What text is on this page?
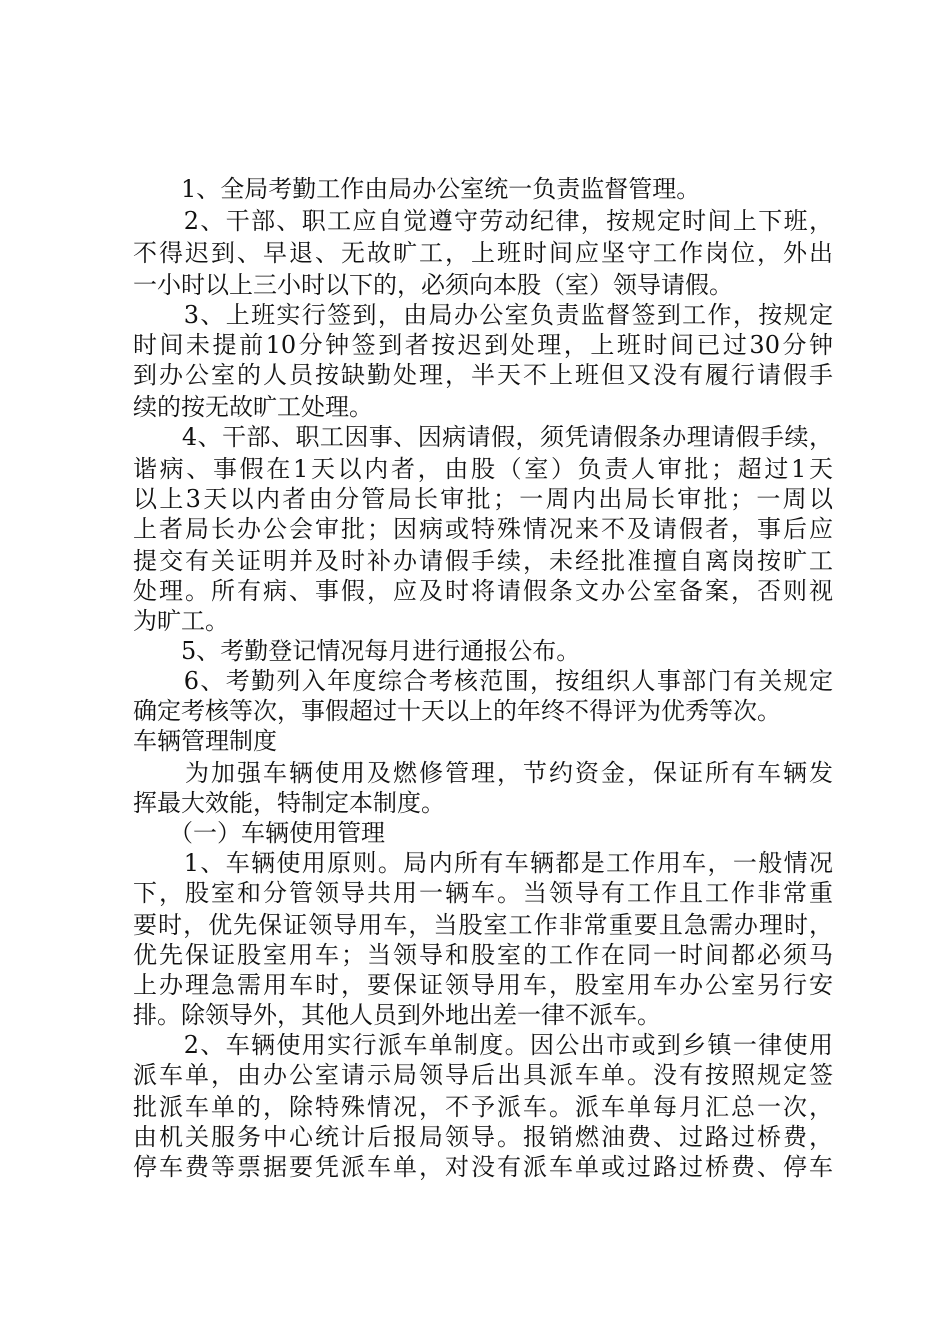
　　1、全局考勤工作由局办公室统一负责监督管理。
　　2、干部、职工应自觉遵守劳动纪律，按规定时间上下班，
不得迟到、早退、无故旷工，上班时间应坚守工作岗位，外出
一小时以上三小时以下的，必须向本股（室）领导请假。
　　3、上班实行签到，由局办公室负责监督签到工作，按规定
时间未提前10分钟签到者按迟到处理，上班时间已过30分钟
到办公室的人员按缺勤处理，半天不上班但又没有履行请假手
续的按无故旷工处理。
　　4、干部、职工因事、因病请假，须凭请假条办理请假手续，
谐病、事假在1天以内者，由股（室）负责人审批；超过1天
以上3天以内者由分管局长审批；一周内出局长审批；一周以
上者局长办公会审批；因病或特殊情况来不及请假者，事后应
提交有关证明并及时补办请假手续，未经批准擅自离岗按旷工
处理。所有病、事假，应及时将请假条文办公室备案，否则视
为旷工。
　　5、考勤登记情况每月进行通报公布。
　　6、考勤列入年度综合考核范围，按组织人事部门有关规定
确定考核等次，事假超过十天以上的年终不得评为优秀等次。
车辆管理制度
　　为加强车辆使用及燃修管理，节约资金，保证所有车辆发
挥最大效能，特制定本制度。
　　（一）车辆使用管理
　　1、车辆使用原则。局内所有车辆都是工作用车，一般情况
下，股室和分管领导共用一辆车。当领导有工作且工作非常重
要时，优先保证领导用车，当股室工作非常重要且急需办理时，
优先保证股室用车；当领导和股室的工作在同一时间都必须马
上办理急需用车时，要保证领导用车，股室用车办公室另行安
排。除领导外，其他人员到外地出差一律不派车。
　　2、车辆使用实行派车单制度。因公出市或到乡镇一律使用
派车单，由办公室请示局领导后出具派车单。没有按照规定签
批派车单的，除特殊情况，不予派车。派车单每月汇总一次，
由机关服务中心统计后报局领导。报销燃油费、过路过桥费，
停车费等票据要凭派车单，对没有派车单或过路过桥费、停车
